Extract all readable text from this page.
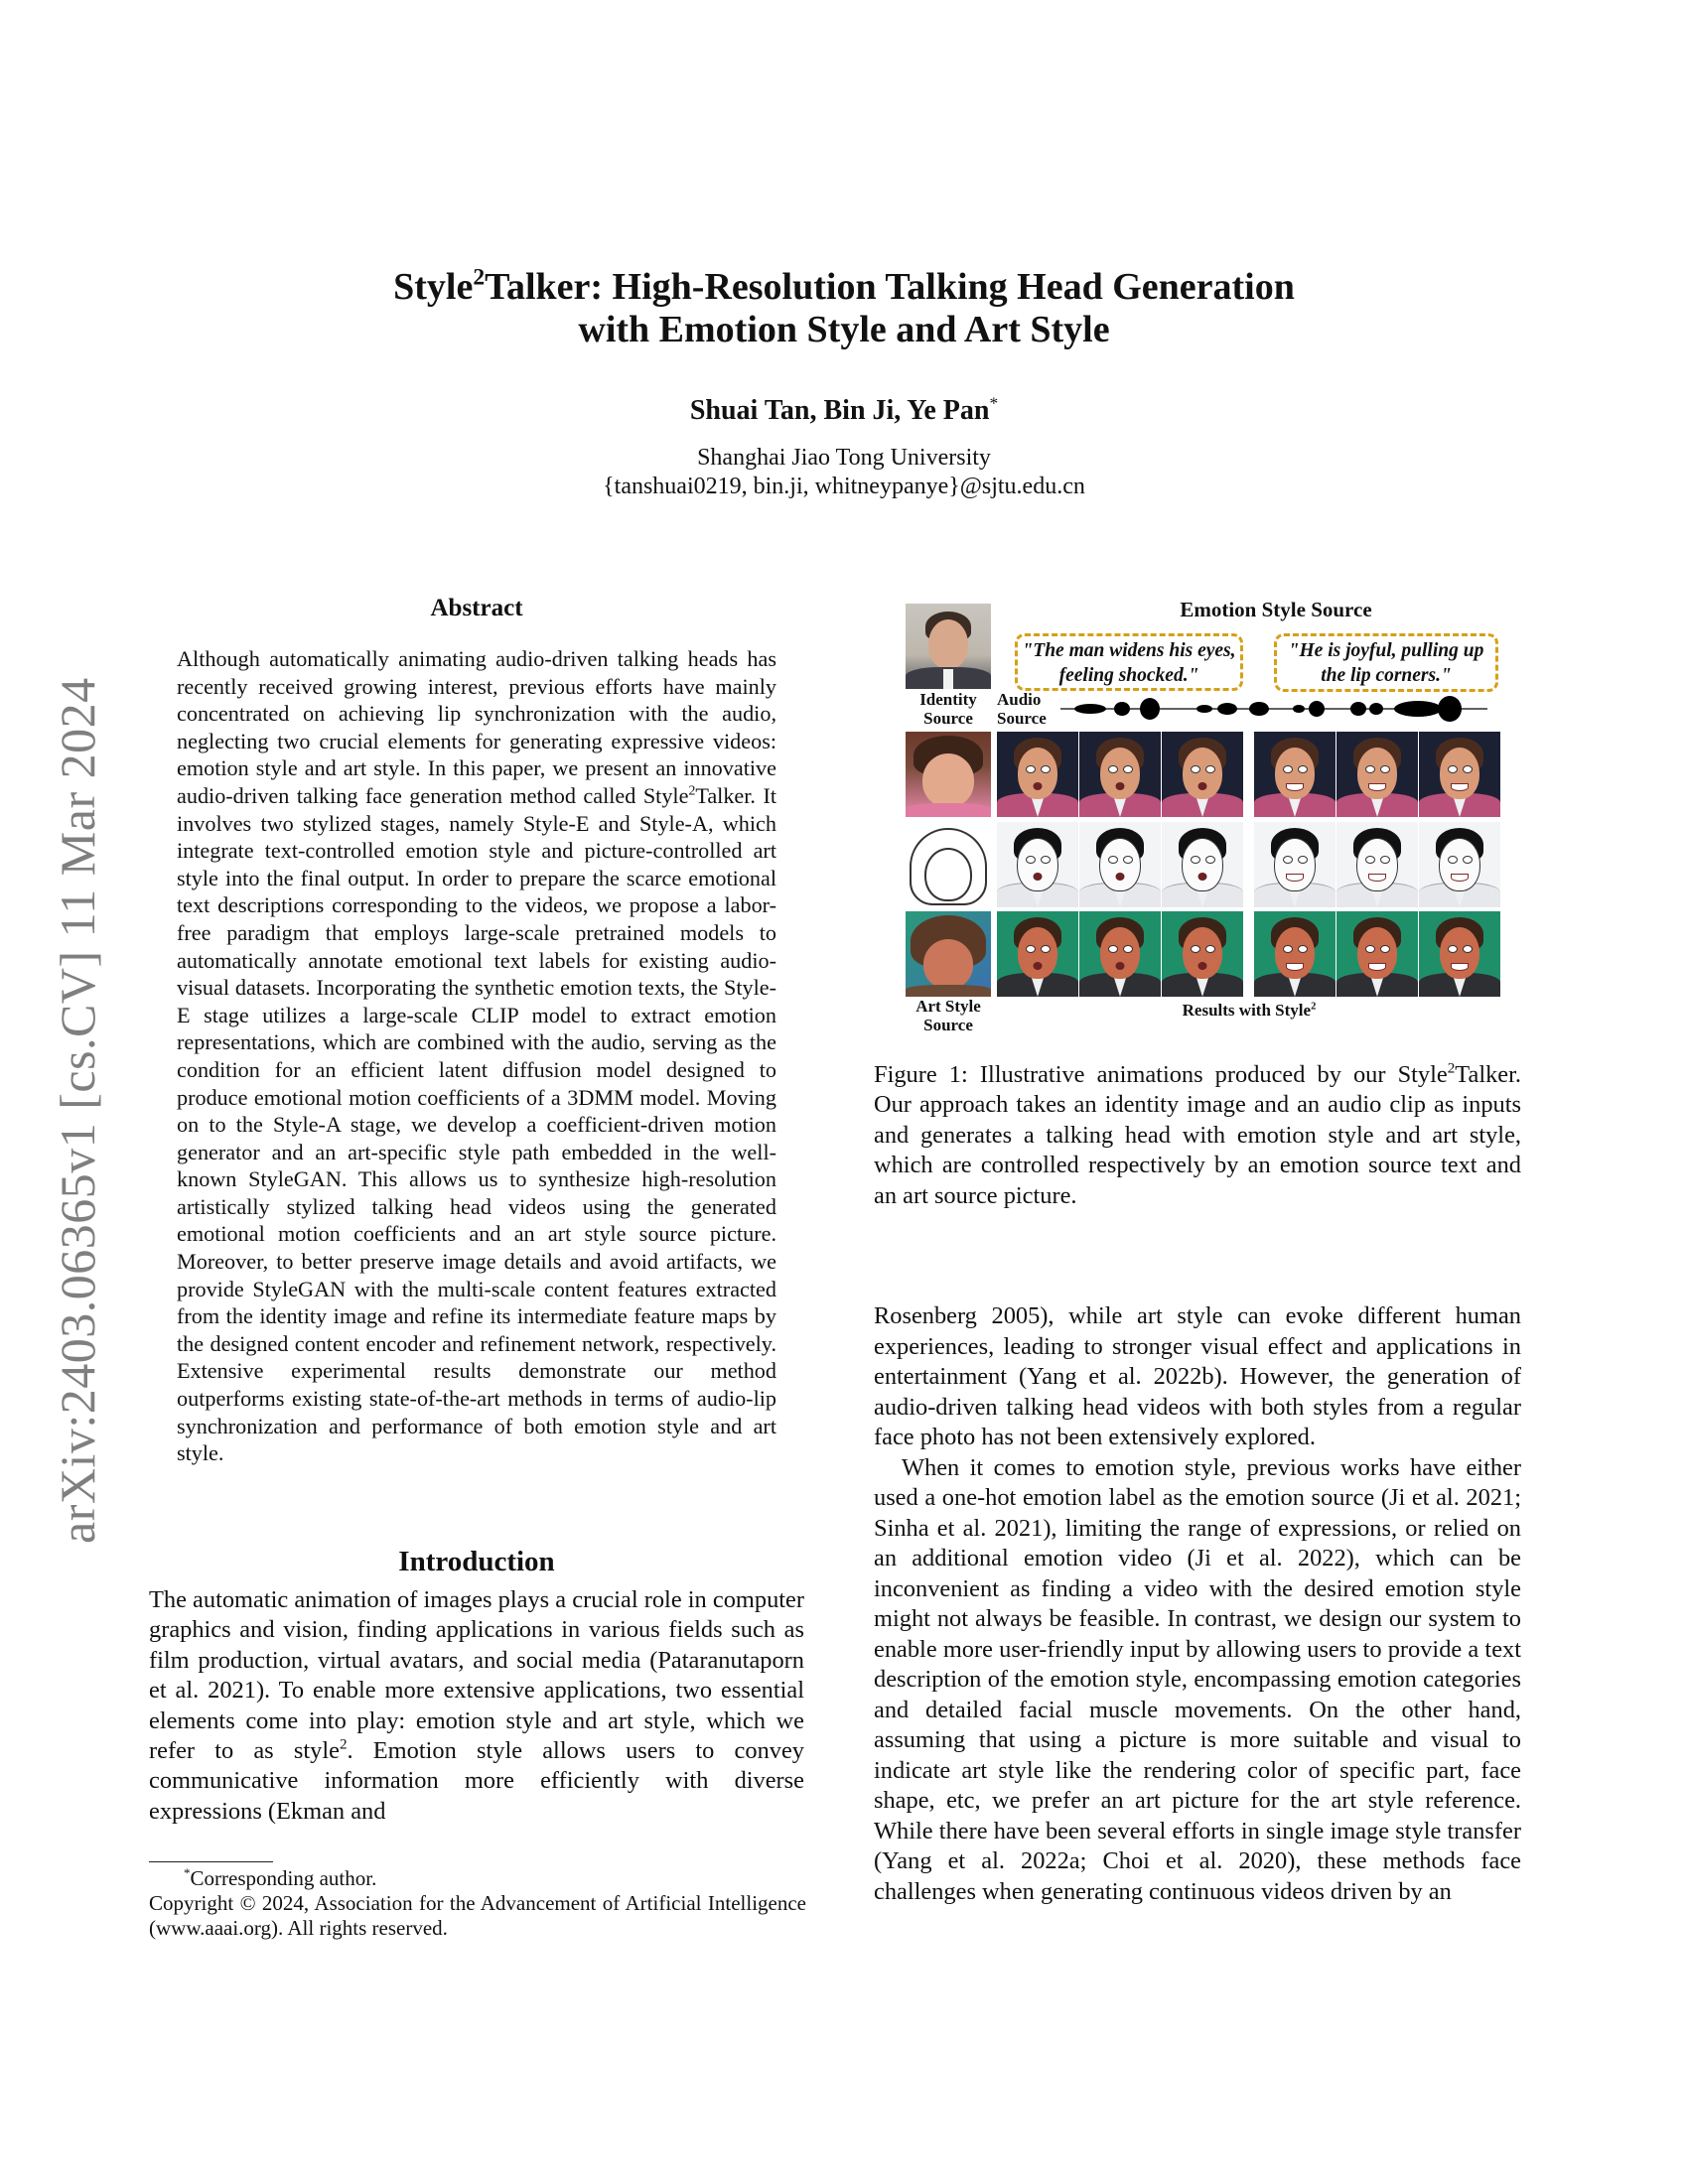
arXiv:2403.06365v1 [cs.CV] 11 Mar 2024
Style$^2$Talker: High-Resolution Talking Head Generation
with Emotion Style and Art Style
Shuai Tan, Bin Ji, Ye Pan*
Shanghai Jiao Tong University
{tanshuai0219, bin.ji, whitneypanye}@sjtu.edu.cn
Abstract
Although automatically animating audio-driven talking heads has recently received growing interest, previous efforts have mainly concentrated on achieving lip synchronization with the audio, neglecting two crucial elements for generating expressive videos: emotion style and art style. In this paper, we present an innovative audio-driven talking face generation method called Style$^2$Talker. It involves two stylized stages, namely Style-E and Style-A, which integrate text-controlled emotion style and picture-controlled art style into the final output. In order to prepare the scarce emotional text descriptions corresponding to the videos, we propose a labor-free paradigm that employs large-scale pretrained models to automatically annotate emotional text labels for existing audio-visual datasets. Incorporating the synthetic emotion texts, the Style-E stage utilizes a large-scale CLIP model to extract emotion representations, which are combined with the audio, serving as the condition for an efficient latent diffusion model designed to produce emotional motion coefficients of a 3DMM model. Moving on to the Style-A stage, we develop a coefficient-driven motion generator and an art-specific style path embedded in the well-known StyleGAN. This allows us to synthesize high-resolution artistically stylized talking head videos using the generated emotional motion coefficients and an art style source picture. Moreover, to better preserve image details and avoid artifacts, we provide StyleGAN with the multi-scale content features extracted from the identity image and refine its intermediate feature maps by the designed content encoder and refinement network, respectively. Extensive experimental results demonstrate our method outperforms existing state-of-the-art methods in terms of audio-lip synchronization and performance of both emotion style and art style.
Introduction
The automatic animation of images plays a crucial role in computer graphics and vision, finding applications in various fields such as film production, virtual avatars, and social media (Pataranutaporn et al. 2021). To enable more extensive applications, two essential elements come into play: emotion style and art style, which we refer to as style$^2$. Emotion style allows users to convey communicative information more efficiently with diverse expressions (Ekman and
*Corresponding author.
Copyright © 2024, Association for the Advancement of Artificial Intelligence (www.aaai.org). All rights reserved.
Emotion Style Source
"The man widens his eyes, feeling shocked."
"He is joyful, pulling up the lip corners."
Identity Source
Audio Source
Art Style Source
Results with Style$^2$
Figure 1: Illustrative animations produced by our Style$^2$Talker. Our approach takes an identity image and an audio clip as inputs and generates a talking head with emotion style and art style, which are controlled respectively by an emotion source text and an art source picture.
Rosenberg 2005), while art style can evoke different human experiences, leading to stronger visual effect and applications in entertainment (Yang et al. 2022b). However, the generation of audio-driven talking head videos with both styles from a regular face photo has not been extensively explored.
When it comes to emotion style, previous works have either used a one-hot emotion label as the emotion source (Ji et al. 2021; Sinha et al. 2021), limiting the range of expressions, or relied on an additional emotion video (Ji et al. 2022), which can be inconvenient as finding a video with the desired emotion style might not always be feasible. In contrast, we design our system to enable more user-friendly input by allowing users to provide a text description of the emotion style, encompassing emotion categories and detailed facial muscle movements. On the other hand, assuming that using a picture is more suitable and visual to indicate art style like the rendering color of specific part, face shape, etc, we prefer an art picture for the art style reference. While there have been several efforts in single image style transfer (Yang et al. 2022a; Choi et al. 2020), these methods face challenges when generating continuous videos driven by an
